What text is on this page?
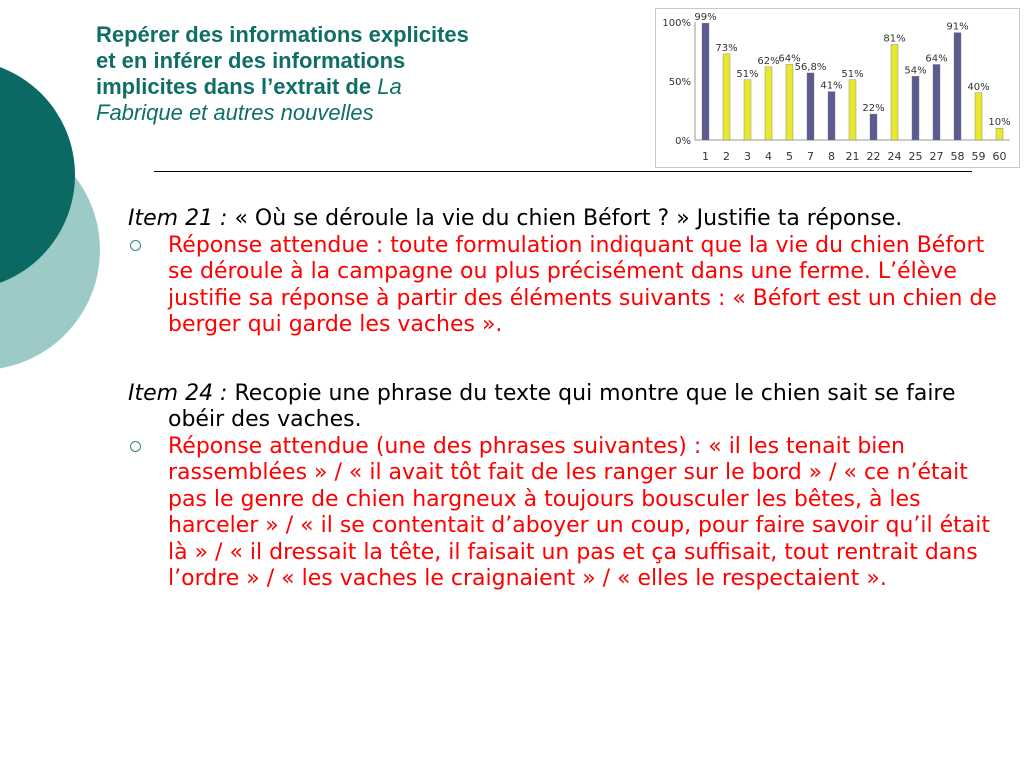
Repérer des informations explicites
et en inférer des informations
implicites dans l’extrait de La
Fabrique et autres nouvelles
100%
50%
0%
99%
1
73%
2
51%
3
62%
4
64%
5
56,8%
7
41%
8
51%
21
22%
22
81%
24
54%
25
64%
27
91%
58
40%
59
10%
60

Item 21 : « Où se déroule la vie du chien Béfort ? » Justifie ta réponse.

Réponse attendue : toute formulation indiquant que la vie du chien Béfort se déroule à la campagne ou plus précisément dans une ferme. L’élève justifie sa réponse à partir des éléments suivants : « Béfort est un chien de berger qui garde les vaches ».

Item 24 : Recopie une phrase du texte qui montre que le chien sait se faire obéir des vaches.

Réponse attendue (une des phrases suivantes) : « il les tenait bien rassemblées » / « il avait tôt fait de les ranger sur le bord » / « ce n’était pas le genre de chien hargneux à toujours bousculer les bêtes, à les harceler » / « il se contentait d’aboyer un coup, pour faire savoir qu’il était là » / « il dressait la tête, il faisait un pas et ça suffisait, tout rentrait dans l’ordre » / « les vaches le craignaient » / « elles le respectaient ».
